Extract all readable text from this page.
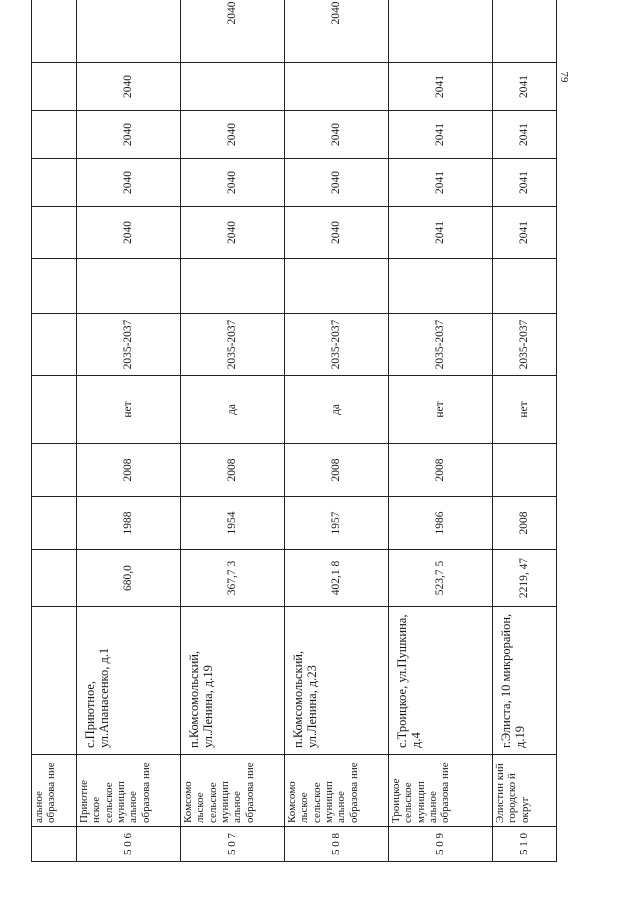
79
	альное образова ние												
5 0 6	Приютне нское сельское муницип альное образова ние	с.Приютное, ул.Апанасенко, д.1	680,0	1988	2008	нет	2035-2037		2040	2040	2040	2040	
5 0 7	Комсомо льское сельское муницип альное образова ние	п.Комсомольский, ул.Ленина, д.19	367,7 3	1954	2008	да	2035-2037		2040	2040	2040		2040
5 0 8	Комсомо льское сельское муницип альное образова ние	п.Комсомольский, ул.Ленина, д.23	402,1 8	1957	2008	да	2035-2037		2040	2040	2040		2040
5 0 9	Троицкое сельское муницип альное образова ние	с.Троицкое, ул.Пушкина, д.4	523,7 5	1986	2008	нет	2035-2037		2041	2041	2041	2041	
5 1 0	Элистин кий городско й округ	г.Элиста, 10 микрорайон, д.19	2219, 47	2008		нет	2035-2037		2041	2041	2041	2041	
